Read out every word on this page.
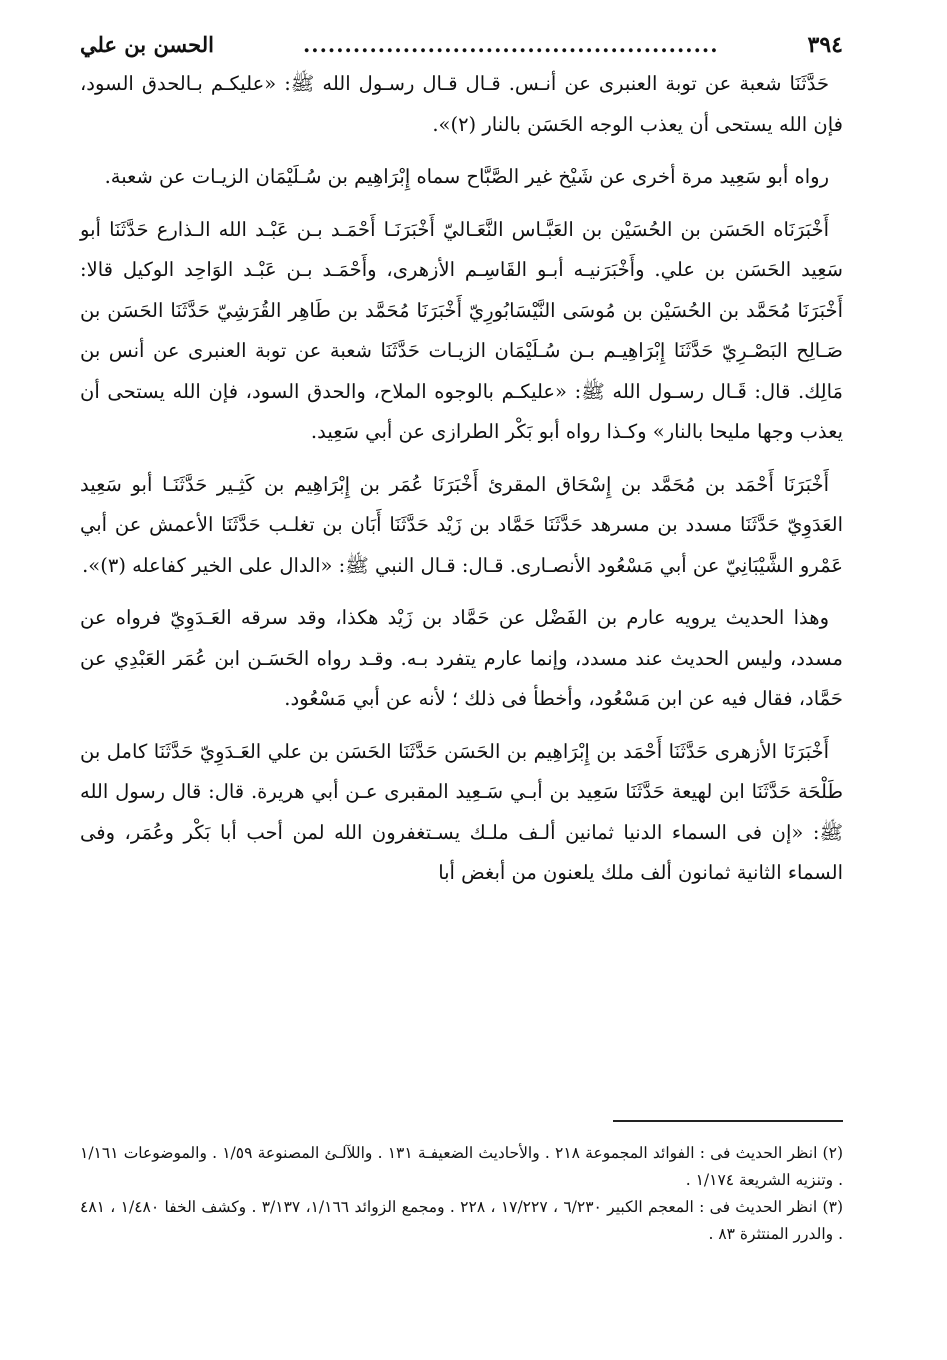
٣٩٤
..................................................
الحسن بن علي

حَدَّثَنَا شعبة عن توبة العنبرى عن أنـس. قـال قـال رسـول الله ﷺ: «عليكـم بـالحدق السود، فإن الله يستحى أن يعذب الوجه الحَسَن بالنار (٢)».

رواه أبو سَعِيد مرة أخرى عن شَيْخ غير الصَّبَّاح سماه إِبْرَاهِيم بن سُـلَيْمَان الزيـات عن شعبة.

أَخْبَرَنَاه الحَسَن بن الحُسَيْن بن العَبَّـاس النَّعَـاليّ أَخْبَرَنَـا أَحْمَـد بـن عَبْـد الله الـذارع حَدَّثَنَا أبو سَعِيد الحَسَن بن علي. وأَخْبَرَنيـه أبـو القَاسِـم الأزهرى، وأَحْمَـد بـن عَبْـد الوَاحِد الوكيل قالا: أَخْبَرَنَا مُحَمَّد بن الحُسَيْن بن مُوسَى النَّيْسَابُورِيّ أَخْبَرَنَا مُحَمَّد بن طَاهِر القُرَشِيّ حَدَّثَنَا الحَسَن بن صَـالِح البَصْـرِيّ حَدَّثَنَا إِبْرَاهِيـم بـن سُـلَيْمَان الزيـات حَدَّثَنَا شعبة عن توبة العنبرى عن أنس بن مَالِك. قال: قَـال رسـول الله ﷺ: «عليكـم بالوجوه الملاح، والحدق السود، فإن الله يستحى أن يعذب وجها مليحا بالنار» وكـذا رواه أبو بَكْر الطرازى عن أبي سَعِيد.

أَخْبَرَنَا أَحْمَد بن مُحَمَّد بن إِسْحَاق المقرئ أَخْبَرَنَا عُمَر بن إِبْرَاهِيم بن كَثِـير حَدَّثَنَـا أبو سَعِيد العَدَوِيّ حَدَّثَنَا مسدد بن مسرهد حَدَّثَنَا حَمَّاد بن زَيْد حَدَّثَنَا أَبَان بن تغلـب حَدَّثَنَا الأعمش عن أبي عَمْرو الشَّيْبَانِيّ عن أبي مَسْعُود الأنصـارى. قـال: قـال النبي ﷺ: «الدال على الخير كفاعله (٣)».

وهذا الحديث يرويه عارم بن الفَضْل عن حَمَّاد بن زَيْد هكذا، وقد سرقه العَـدَوِيّ فرواه عن مسدد، وليس الحديث عند مسدد، وإنما عارم يتفرد بـه. وقـد رواه الحَسَـن ابن عُمَر العَبْدِي عن حَمَّاد، فقال فيه عن ابن مَسْعُود، وأخطأ فى ذلك ؛ لأنه عن أبي مَسْعُود.

أَخْبَرَنَا الأزهرى حَدَّثَنَا أَحْمَد بن إِبْرَاهِيم بن الحَسَن حَدَّثَنَا الحَسَن بن علي العَـدَوِيّ حَدَّثَنَا كامل بن طَلْحَة حَدَّثَنَا ابن لهيعة حَدَّثَنَا سَعِيد بن أبـي سَـعِيد المقبرى عـن أبي هريرة. قال: قال رسول الله ﷺ: «إن فى السماء الدنيا ثمانين ألـف ملـك يسـتغفرون الله لمن أحب أبا بَكْر وعُمَر، وفى السماء الثانية ثمانون ألف ملك يلعنون من أبغض أبا

(٢) انظر الحديث فى : الفوائد المجموعة ٢١٨ . والأحاديث الضعيفـة ١٣١ . واللآلـئ المصنوعة ١/٥٩ . والموضوعات ١/١٦١ . وتنزيه الشريعة ١/١٧٤ .

(٣) انظر الحديث فى : المعجم الكبير ٦/٢٣٠ ، ١٧/٢٢٧ ، ٢٢٨ . ومجمع الزوائد ١/١٦٦، ٣/١٣٧ . وكشف الخفا ١/٤٨٠ ، ٤٨١ . والدرر المنتثرة ٨٣ .
